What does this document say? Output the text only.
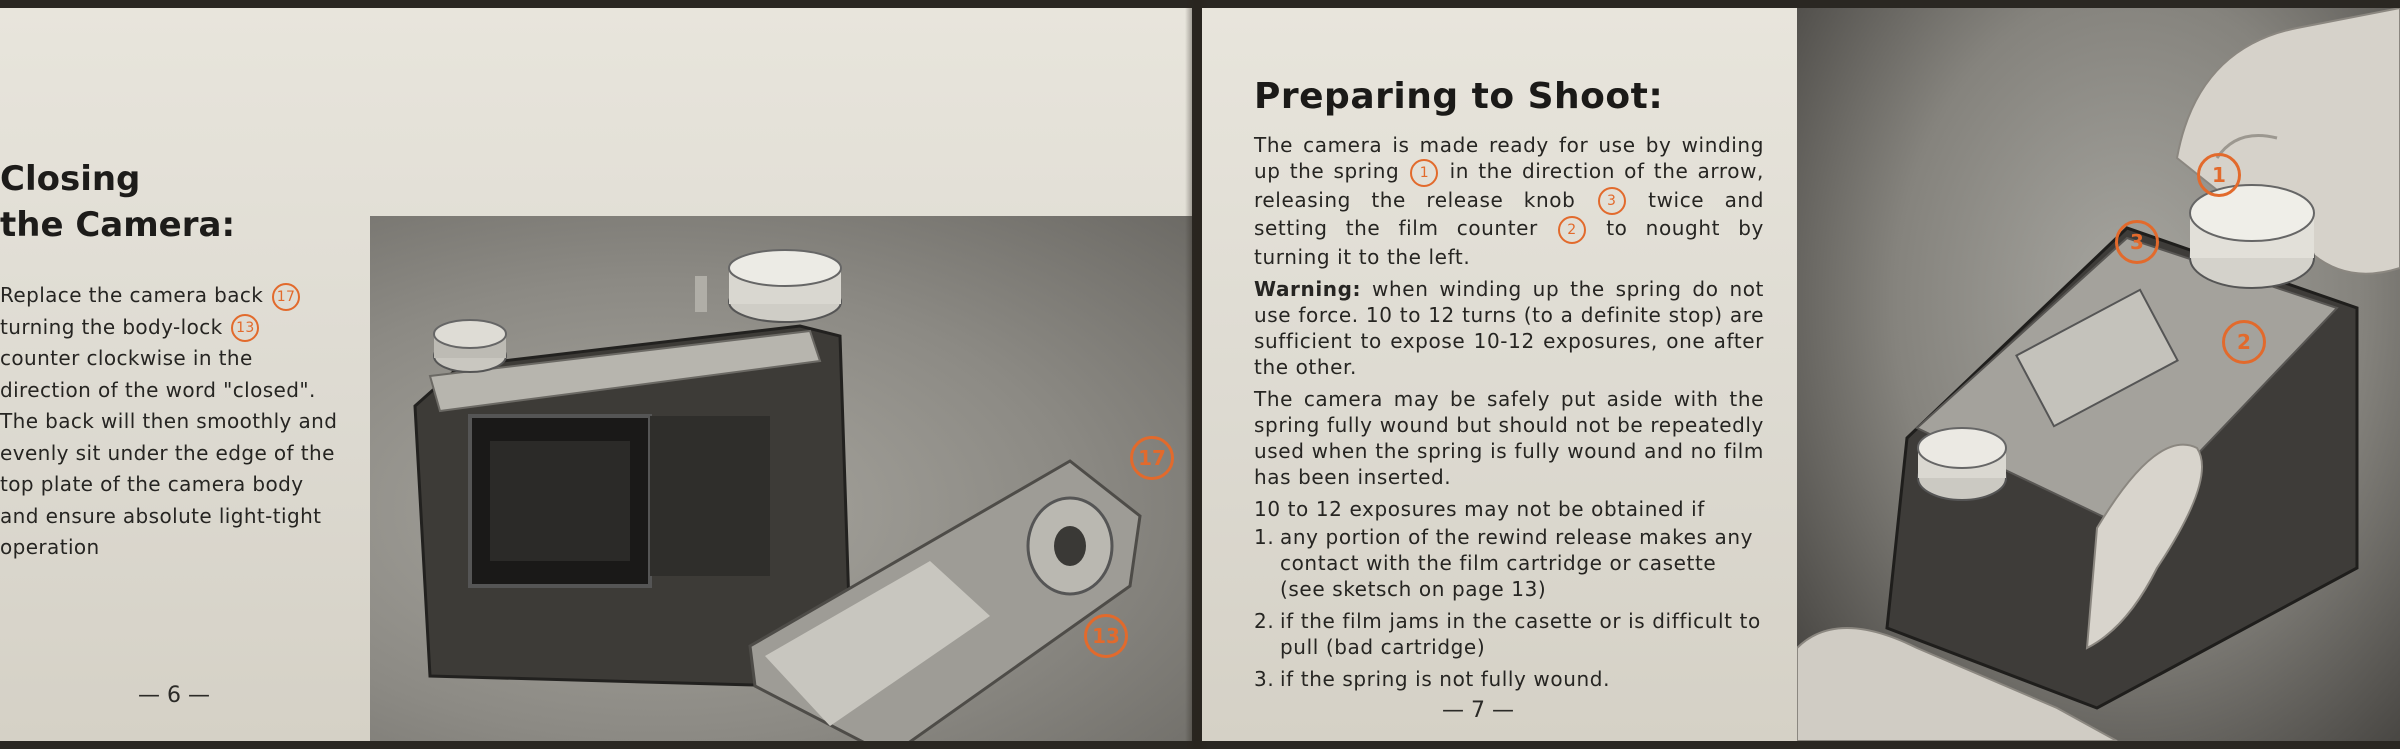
Closing
the Camera:
Replace the camera back 17 turning the body-lock 13 counter clockwise in the direction of the word "closed". The back will then smoothly and evenly sit under the edge of the top plate of the camera body and ensure absolute light-tight operation
17
13
— 6 —
Preparing to Shoot:

The camera is made ready for use by winding up the spring 1 in the direction of the arrow, releasing the release knob 3 twice and setting the film counter 2 to nought by turning it to the left.

Warning: when winding up the spring do not use force. 10 to 12 turns (to a definite stop) are sufficient to expose 10-12 exposures, one after the other.

The camera may be safely put aside with the spring fully wound but should not be repeatedly used when the spring is fully wound and no film has been inserted.

10 to 12 exposures may not be obtained if

1. any portion of the rewind release makes any contact with the film cartridge or casette (see sketsch on page 13)
2. if the film jams in the casette or is difficult to pull (bad cartridge)
3. if the spring is not fully wound.
1
3
2
— 7 —
